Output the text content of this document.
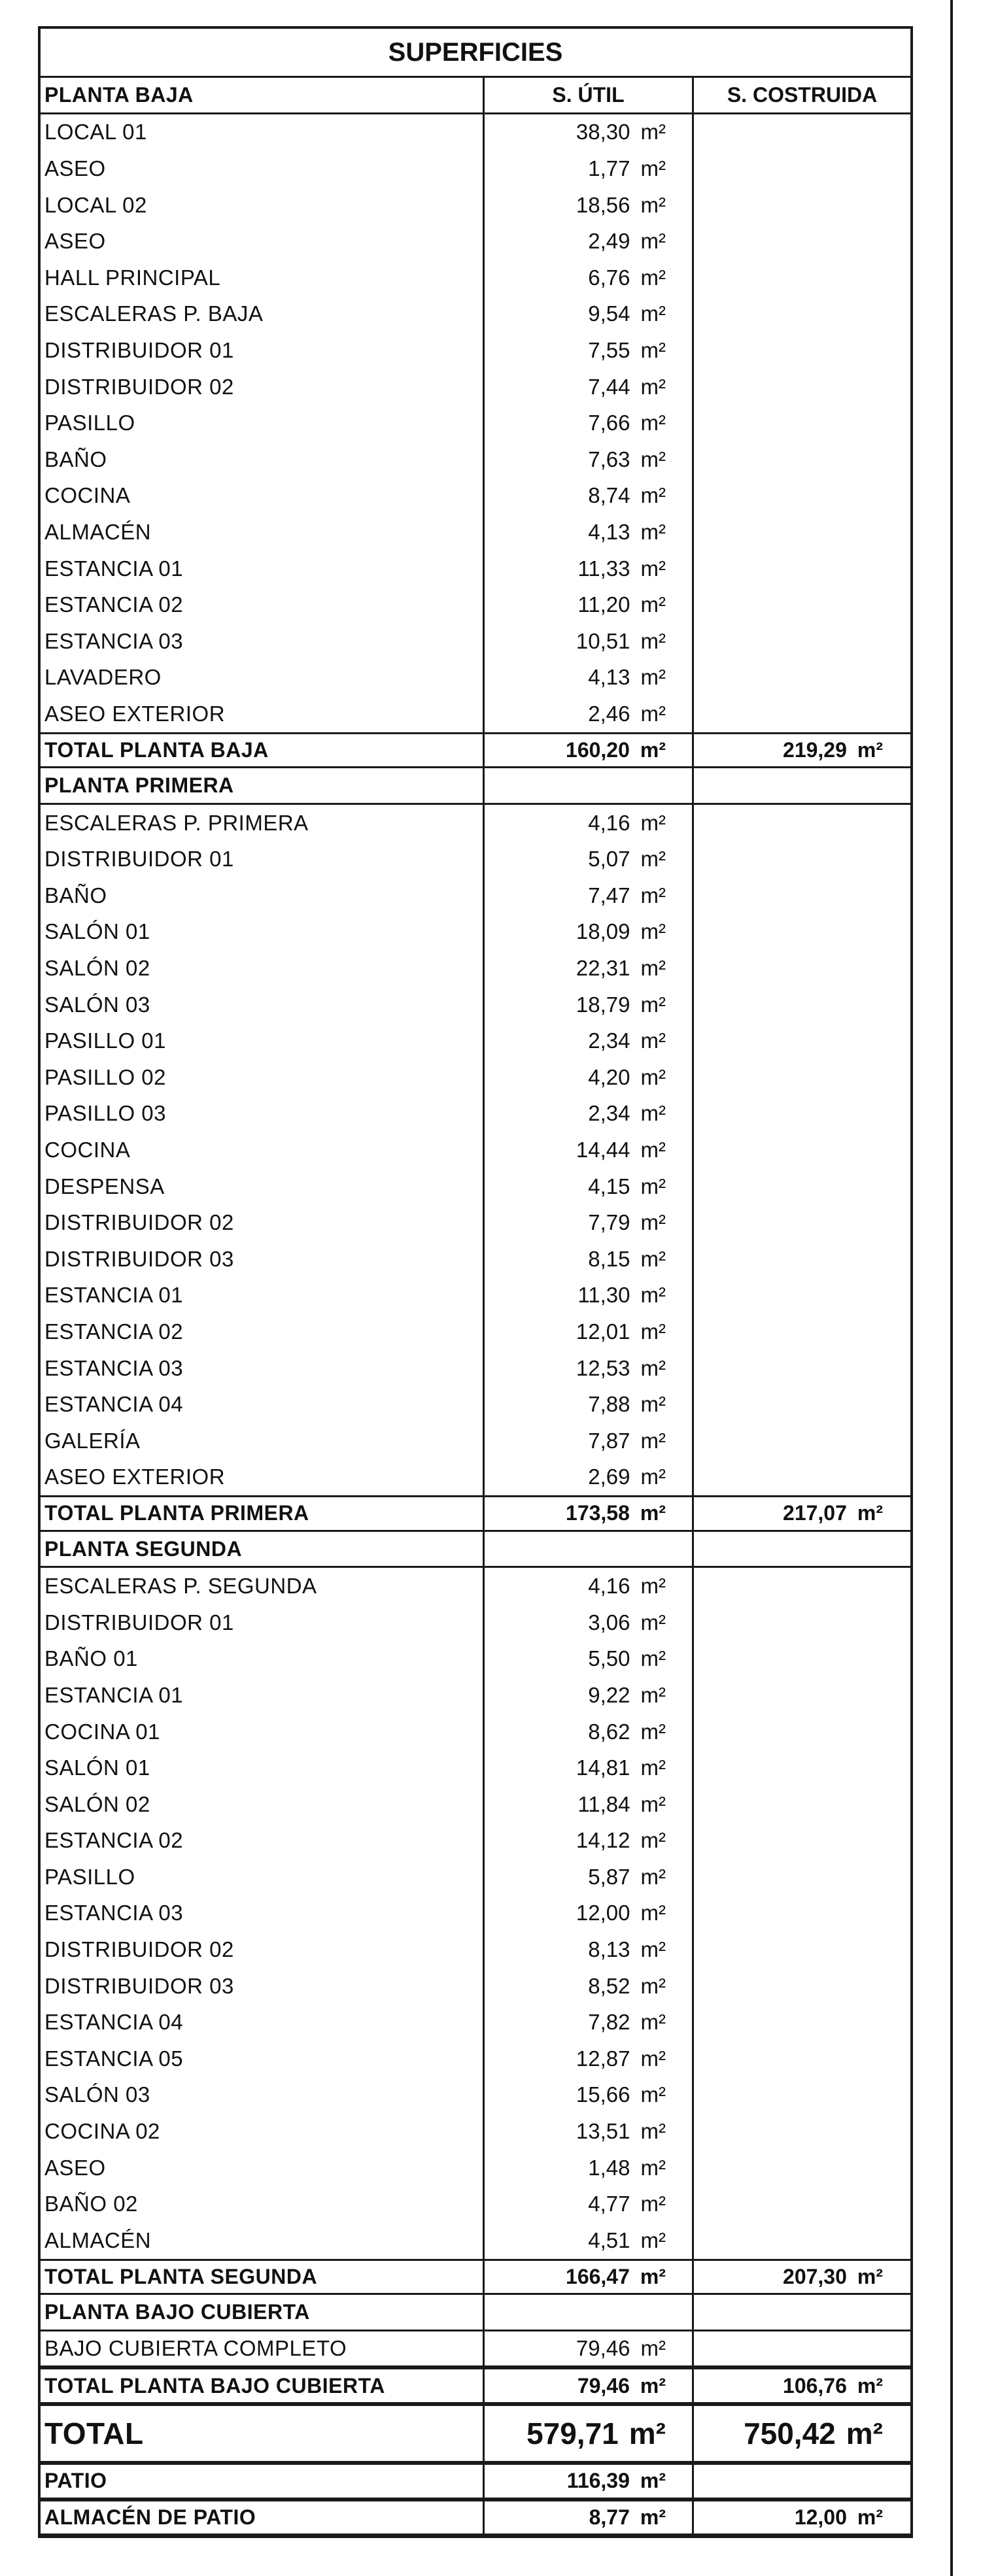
SUPERFICIES
PLANTA BAJA	S. ÚTIL	S. COSTRUIDA
LOCAL 01	38,30 m²
ASEO	1,77 m²
LOCAL 02	18,56 m²
ASEO	2,49 m²
HALL PRINCIPAL	6,76 m²
ESCALERAS P. BAJA	9,54 m²
DISTRIBUIDOR 01	7,55 m²
DISTRIBUIDOR 02	7,44 m²
PASILLO	7,66 m²
BAÑO	7,63 m²
COCINA	8,74 m²
ALMACÉN	4,13 m²
ESTANCIA 01	11,33 m²
ESTANCIA 02	11,20 m²
ESTANCIA 03	10,51 m²
LAVADERO	4,13 m²
ASEO EXTERIOR	2,46 m²
TOTAL PLANTA BAJA	160,20 m²	219,29 m²
PLANTA PRIMERA
ESCALERAS P. PRIMERA	4,16 m²
DISTRIBUIDOR 01	5,07 m²
BAÑO	7,47 m²
SALÓN 01	18,09 m²
SALÓN 02	22,31 m²
SALÓN 03	18,79 m²
PASILLO 01	2,34 m²
PASILLO 02	4,20 m²
PASILLO 03	2,34 m²
COCINA	14,44 m²
DESPENSA	4,15 m²
DISTRIBUIDOR 02	7,79 m²
DISTRIBUIDOR 03	8,15 m²
ESTANCIA 01	11,30 m²
ESTANCIA 02	12,01 m²
ESTANCIA 03	12,53 m²
ESTANCIA 04	7,88 m²
GALERÍA	7,87 m²
ASEO EXTERIOR	2,69 m²
TOTAL PLANTA PRIMERA	173,58 m²	217,07 m²
PLANTA SEGUNDA
ESCALERAS P. SEGUNDA	4,16 m²
DISTRIBUIDOR 01	3,06 m²
BAÑO 01	5,50 m²
ESTANCIA 01	9,22 m²
COCINA 01	8,62 m²
SALÓN 01	14,81 m²
SALÓN 02	11,84 m²
ESTANCIA 02	14,12 m²
PASILLO	5,87 m²
ESTANCIA 03	12,00 m²
DISTRIBUIDOR 02	8,13 m²
DISTRIBUIDOR 03	8,52 m²
ESTANCIA 04	7,82 m²
ESTANCIA 05	12,87 m²
SALÓN 03	15,66 m²
COCINA 02	13,51 m²
ASEO	1,48 m²
BAÑO 02	4,77 m²
ALMACÉN	4,51 m²
TOTAL PLANTA SEGUNDA	166,47 m²	207,30 m²
PLANTA BAJO CUBIERTA
BAJO CUBIERTA COMPLETO	79,46 m²
TOTAL PLANTA BAJO CUBIERTA	79,46 m²	106,76 m²
TOTAL	579,71 m²	750,42 m²
PATIO	116,39 m²
ALMACÉN DE PATIO	8,77 m²	12,00 m²
